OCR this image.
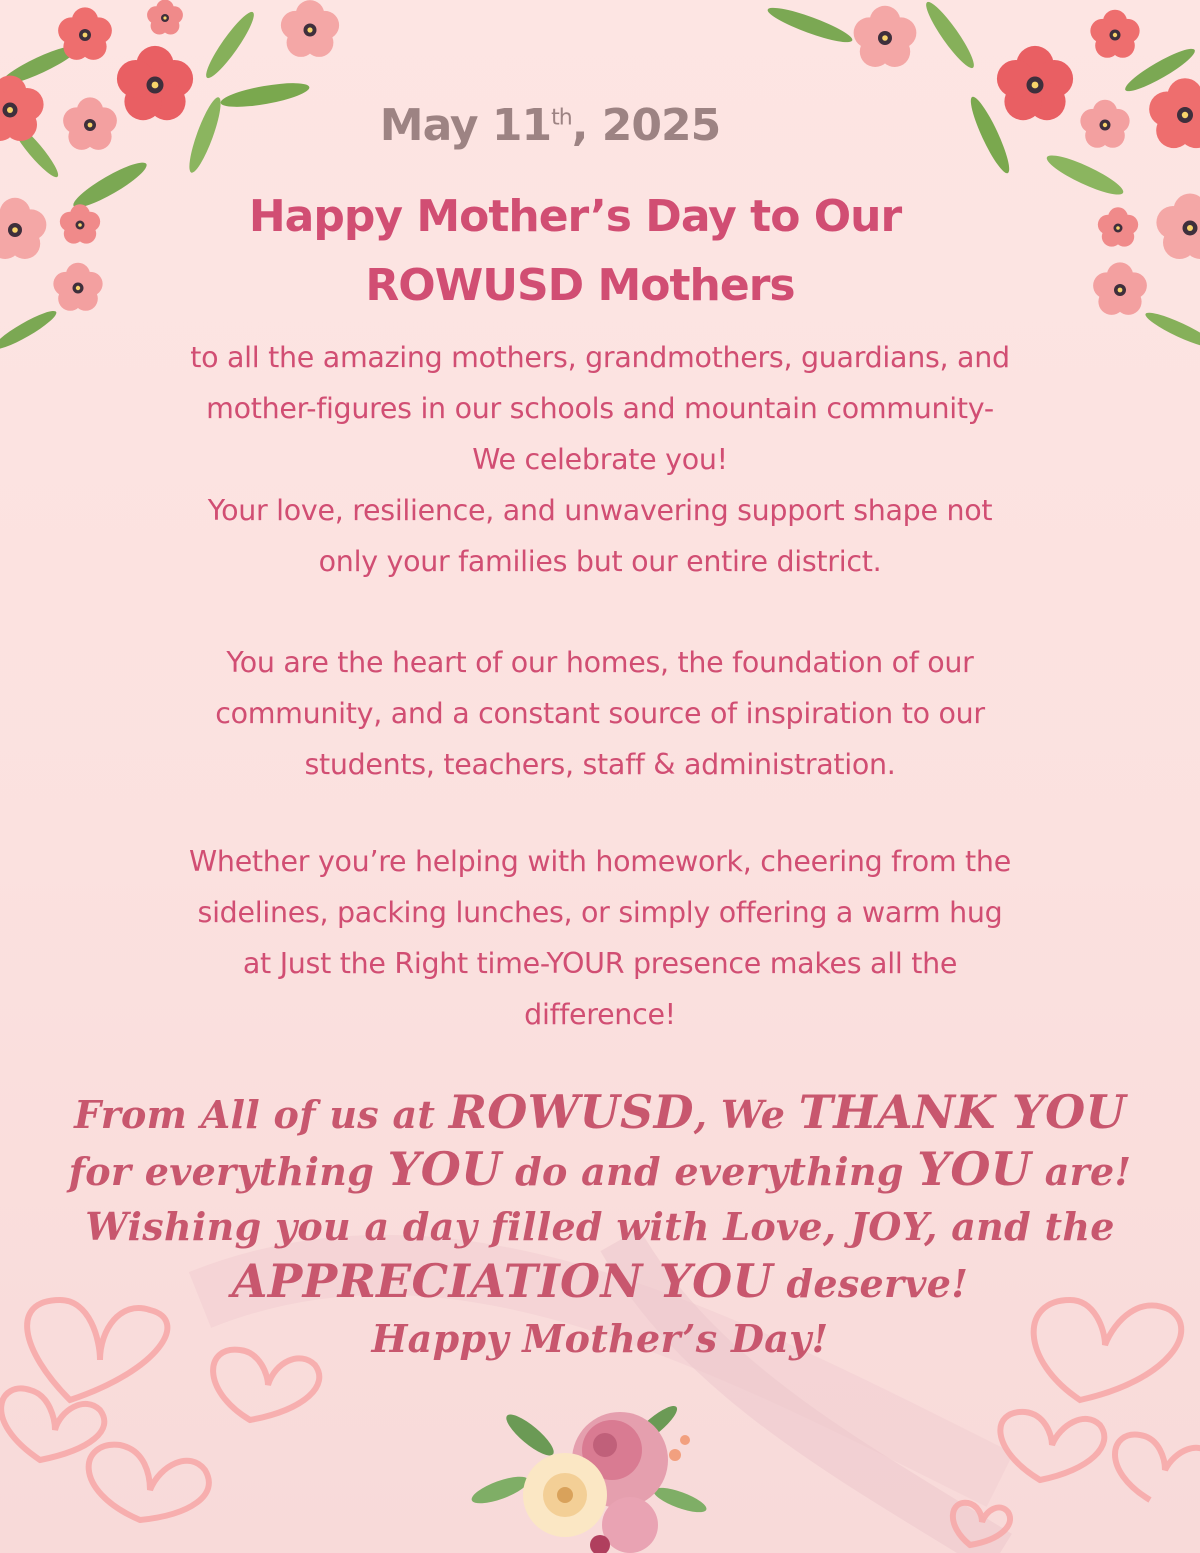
May 11th, 2025
Happy Mother’s Day to Our
ROWUSD Mothers
to all the amazing mothers, grandmothers, guardians, and
mother-figures in our schools and mountain community-
We celebrate you!
Your love, resilience, and unwavering support shape not
only your families but our entire district.
You are the heart of our homes, the foundation of our
community, and a constant source of inspiration to our
students, teachers, staff & administration.
Whether you’re helping with homework, cheering from the
sidelines, packing lunches, or simply offering a warm hug
at Just the Right time-YOUR presence makes all the
difference!
From All of us at ROWUSD, We THANK YOU
for everything YOU do and everything YOU are!
Wishing you a day filled with Love, JOY, and the
APPRECIATION YOU deserve!
Happy Mother’s Day!
